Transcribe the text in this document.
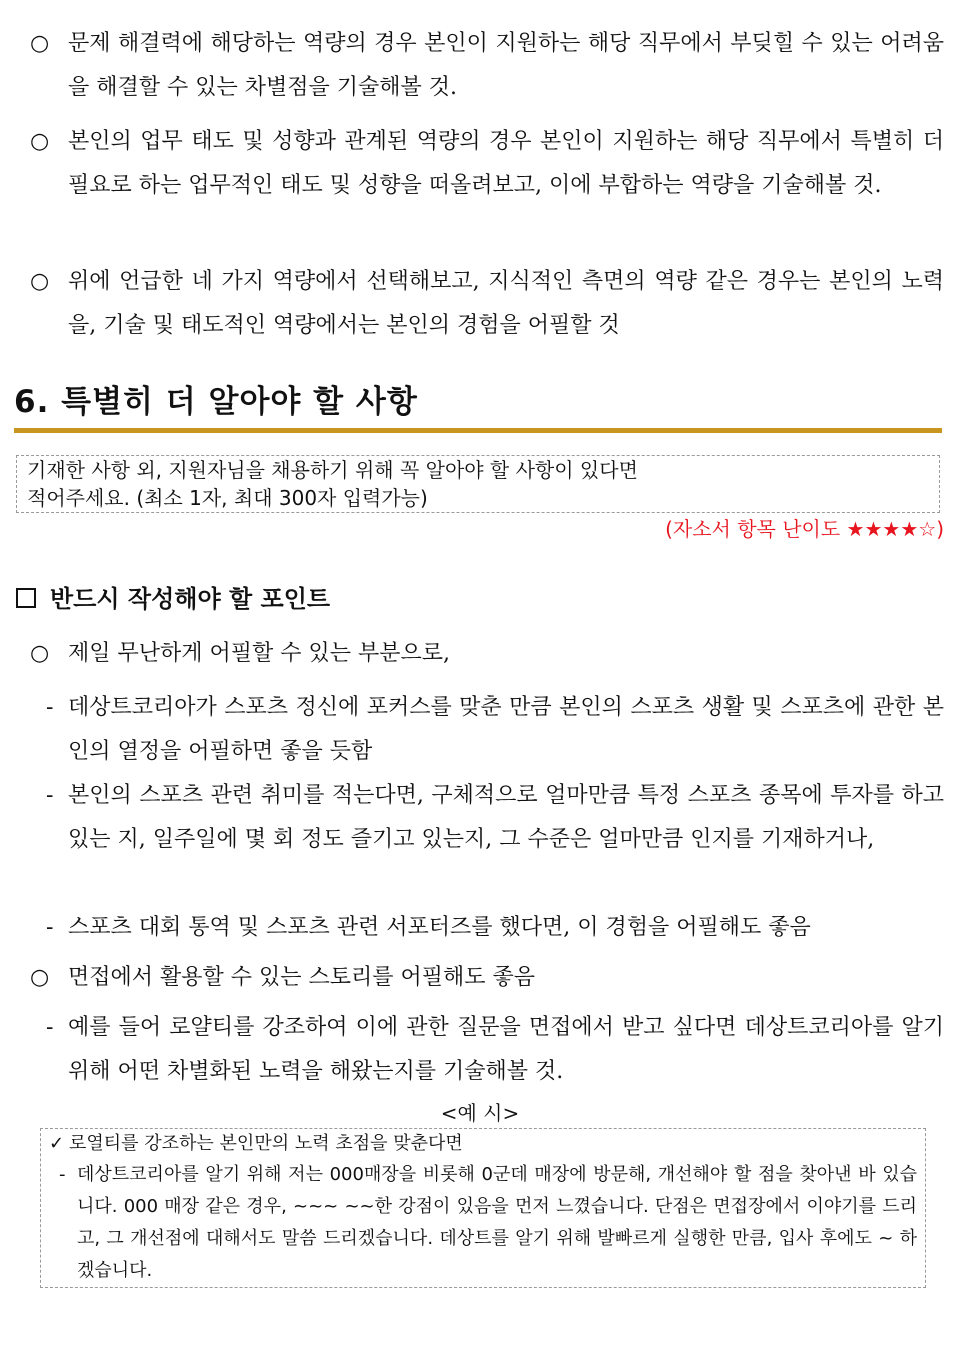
○ 문제 해결력에 해당하는 역량의 경우 본인이 지원하는 해당 직무에서 부딪힐 수 있는 어려움을 해결할 수 있는 차별점을 기술해볼 것.
○ 본인의 업무 태도 및 성향과 관계된 역량의 경우 본인이 지원하는 해당 직무에서 특별히 더 필요로 하는 업무적인 태도 및 성향을 떠올려보고, 이에 부합하는 역량을 기술해볼 것.
○ 위에 언급한 네 가지 역량에서 선택해보고, 지식적인 측면의 역량 같은 경우는 본인의 노력을, 기술 및 태도적인 역량에서는 본인의 경험을 어필할 것
6. 특별히 더 알아야 할 사항
기재한 사항 외, 지원자님을 채용하기 위해 꼭 알아야 할 사항이 있다면
적어주세요. (최소 1자, 최대 300자 입력가능)
(자소서 항목 난이도 ★★★★☆)
반드시 작성해야 할 포인트
○ 제일 무난하게 어필할 수 있는 부분으로,
- 데상트코리아가 스포츠 정신에 포커스를 맞춘 만큼 본인의 스포츠 생활 및 스포츠에 관한 본인의 열정을 어필하면 좋을 듯함
- 본인의 스포츠 관련 취미를 적는다면, 구체적으로 얼마만큼 특정 스포츠 종목에 투자를 하고 있는 지, 일주일에 몇 회 정도 즐기고 있는지, 그 수준은 얼마만큼 인지를 기재하거나,
- 스포츠 대회 통역 및 스포츠 관련 서포터즈를 했다면, 이 경험을 어필해도 좋음
○ 면접에서 활용할 수 있는 스토리를 어필해도 좋음
- 예를 들어 로얄티를 강조하여 이에 관한 질문을 면접에서 받고 싶다면 데상트코리아를 알기 위해 어떤 차별화된 노력을 해왔는지를 기술해볼 것.
<예 시>
✓ 로열티를 강조하는 본인만의 노력 초점을 맞춘다면
- 데상트코리아를 알기 위해 저는 000매장을 비롯해 0군데 매장에 방문해, 개선해야 할 점을 찾아낸 바 있습니다. 000 매장 같은 경우, ~~~ ~~한 강점이 있음을 먼저 느꼈습니다. 단점은 면접장에서 이야기를 드리고, 그 개선점에 대해서도 말씀 드리겠습니다. 데상트를 알기 위해 발빠르게 실행한 만큼, 입사 후에도 ~ 하겠습니다.
